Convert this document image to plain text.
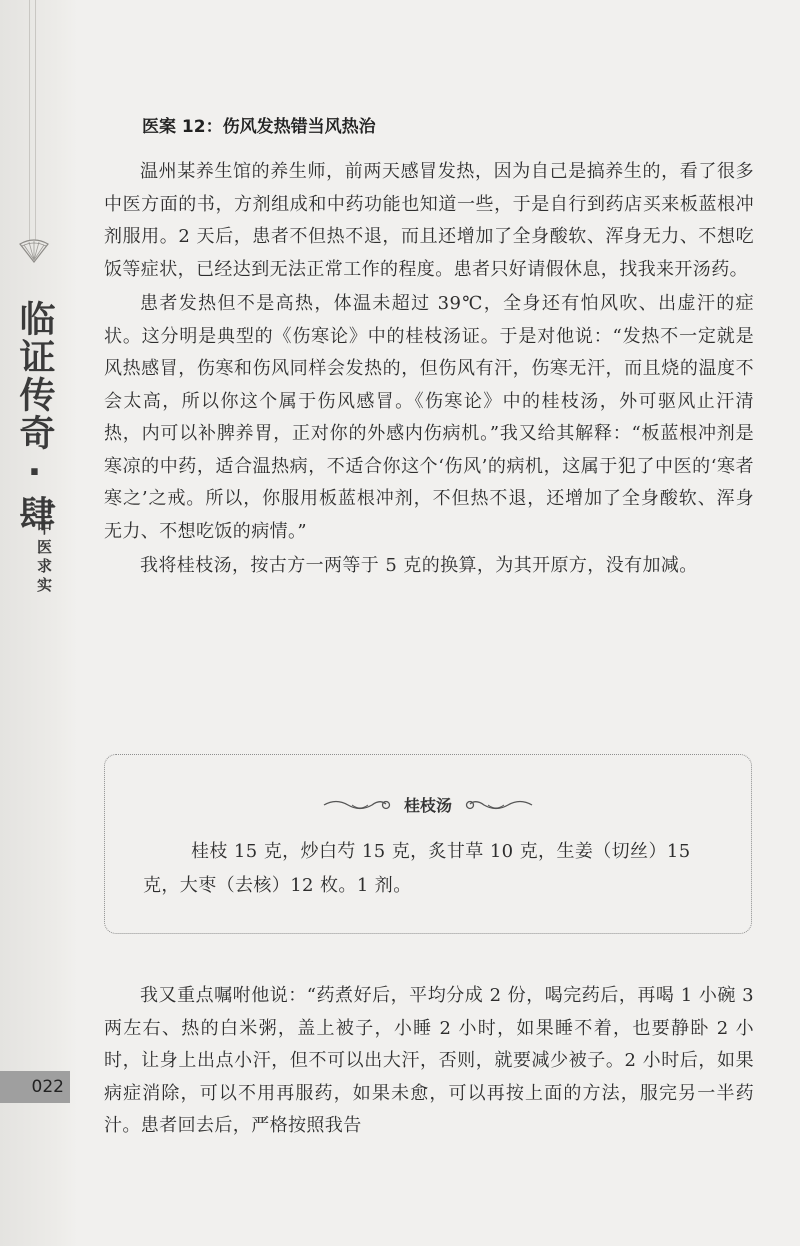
临证传奇·肆
中医求实
022
医案 12：伤风发热错当风热治

温州某养生馆的养生师，前两天感冒发热，因为自己是搞养生的，看了很多中医方面的书，方剂组成和中药功能也知道一些，于是自行到药店买来板蓝根冲剂服用。2 天后，患者不但热不退，而且还增加了全身酸软、浑身无力、不想吃饭等症状，已经达到无法正常工作的程度。患者只好请假休息，找我来开汤药。

患者发热但不是高热，体温未超过 39℃，全身还有怕风吹、出虚汗的症状。这分明是典型的《伤寒论》中的桂枝汤证。于是对他说：“发热不一定就是风热感冒，伤寒和伤风同样会发热的，但伤风有汗，伤寒无汗，而且烧的温度不会太高，所以你这个属于伤风感冒。《伤寒论》中的桂枝汤，外可驱风止汗清热，内可以补脾养胃，正对你的外感内伤病机。”我又给其解释：“板蓝根冲剂是寒凉的中药，适合温热病，不适合你这个‘伤风’的病机，这属于犯了中医的‘寒者寒之’之戒。所以，你服用板蓝根冲剂，不但热不退，还增加了全身酸软、浑身无力、不想吃饭的病情。”

我将桂枝汤，按古方一两等于 5 克的换算，为其开原方，没有加减。

桂枝汤
桂枝 15 克，炒白芍 15 克，炙甘草 10 克，生姜（切丝）15 克，大枣（去核）12 枚。1 剂。

我又重点嘱咐他说：“药煮好后，平均分成 2 份，喝完药后，再喝 1 小碗 3 两左右、热的白米粥，盖上被子，小睡 2 小时，如果睡不着，也要静卧 2 小时，让身上出点小汗，但不可以出大汗，否则，就要减少被子。2 小时后，如果病症消除，可以不用再服药，如果未愈，可以再按上面的方法，服完另一半药汁。患者回去后，严格按照我告
